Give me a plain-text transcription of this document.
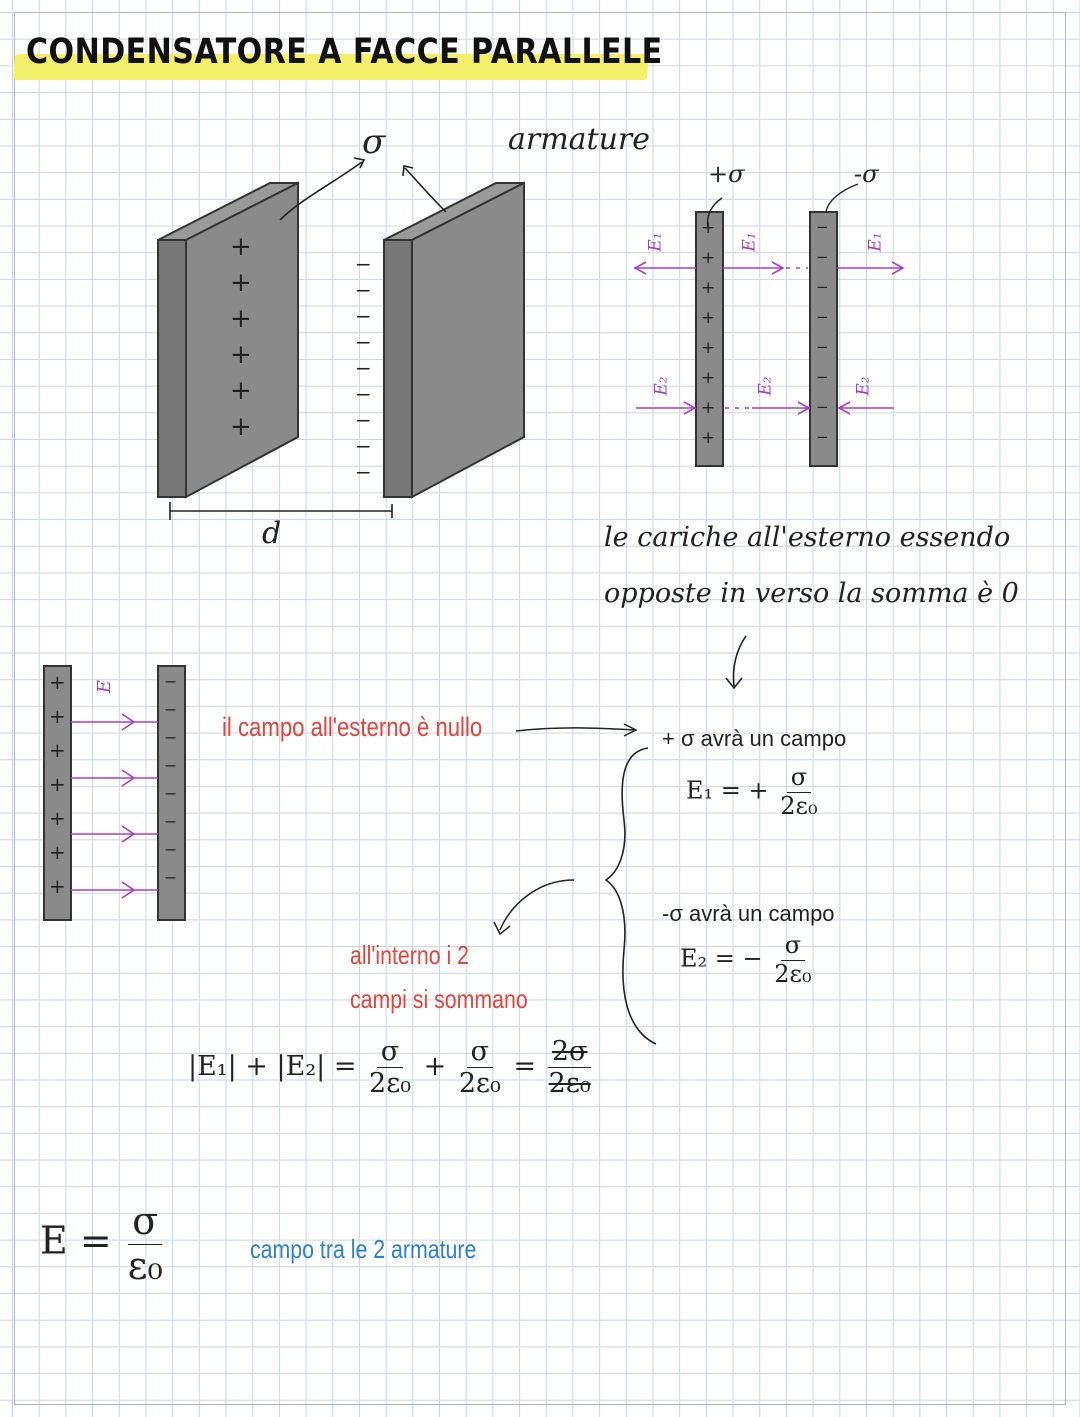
CONDENSATORE A FACCE PARALLELE
σ	armature
d
+
+
+
+
+
+
−
−
−
−
−
−
−
−
−
+σ	-σ
E₁	E₁	E₁
E₂	E₂	E₂
+
+
+
+
+
+
+
+
−
−
−
−
−
−
−
−
le cariche all'esterno essendo
opposte in verso la somma è 0
E
+
+
+
+
+
+
+
−
−
−
−
−
−
−
−
il campo all'esterno è nullo
all'interno i 2
campi si sommano
+ σ avrà un campo
E₁ = + $\frac{\sigma}{\text{2ε₀}}$
-σ avrà un campo
E₂ = − $\frac{\sigma}{\text{2ε₀}}$
$|E_1| + |E_2| = \frac{\sigma}{\text{2ε₀}} + \frac{\sigma}{\text{2ε₀}} = \frac{2\sigma}{\text{2ε₀}}$
$E = \frac{\sigma}{\text{ε₀}}$	campo tra le 2 armature
